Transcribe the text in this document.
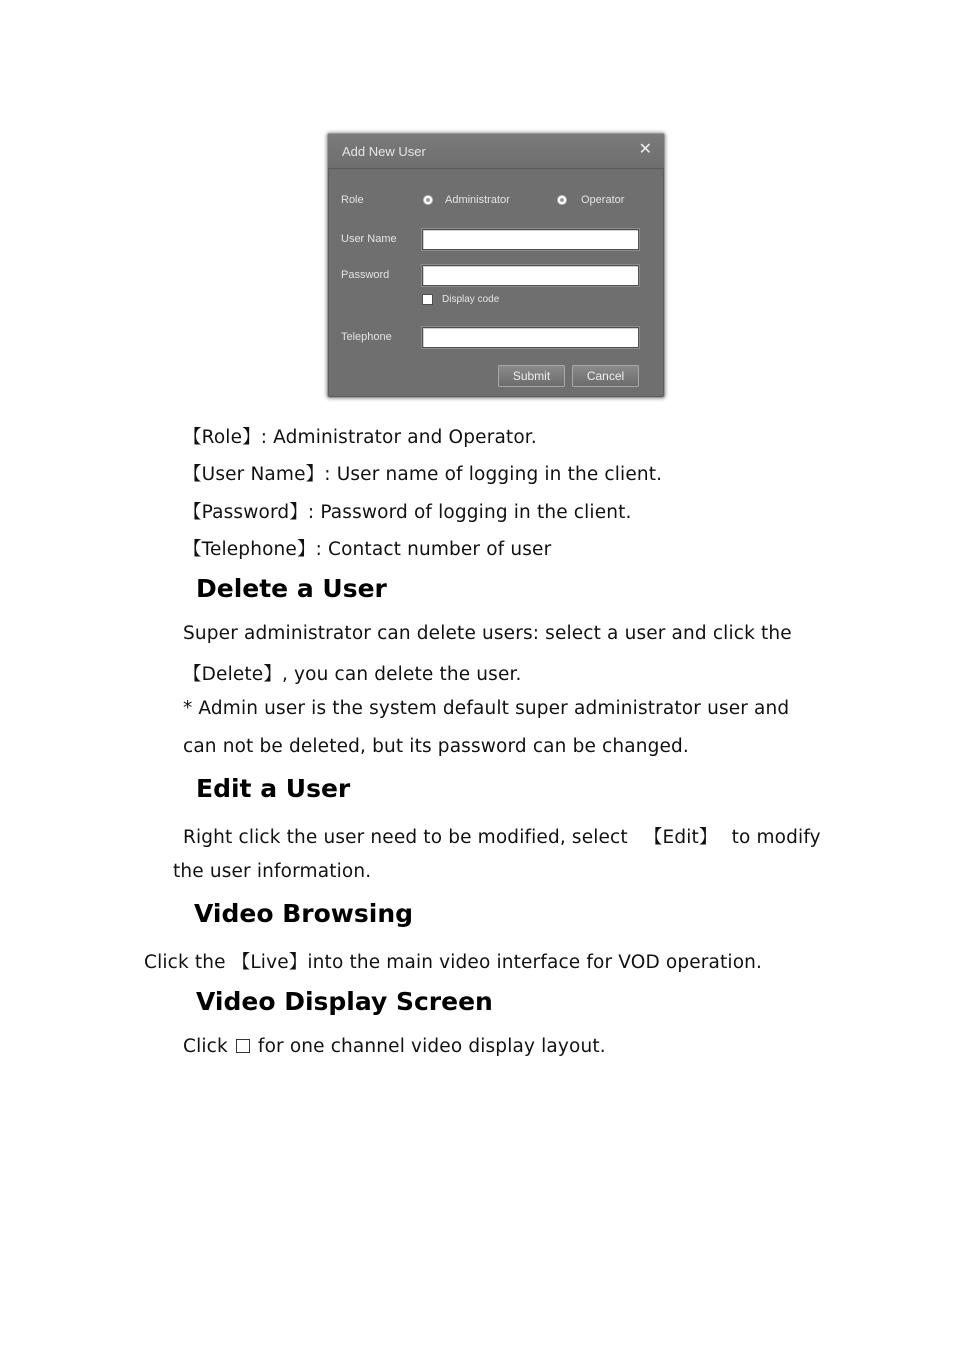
Add New User	✕
Role	Administrator	Operator
User Name
Password
Display code
Telephone
Submit	Cancel
【Role】: Administrator and Operator.
【User Name】: User name of logging in the client.
【Password】: Password of logging in the client.
【Telephone】: Contact number of user
Delete a User
Super administrator can delete users: select a user and click the
【Delete】, you can delete the user.
* Admin user is the system default super administrator user and
can not be deleted, but its password can be changed.
Edit a User
Right click the user need to be modified, select 【Edit】 to modify
the user information.
Video Browsing
Click the 【Live】into the main video interface for VOD operation.
Video Display Screen
Click for one channel video display layout.
